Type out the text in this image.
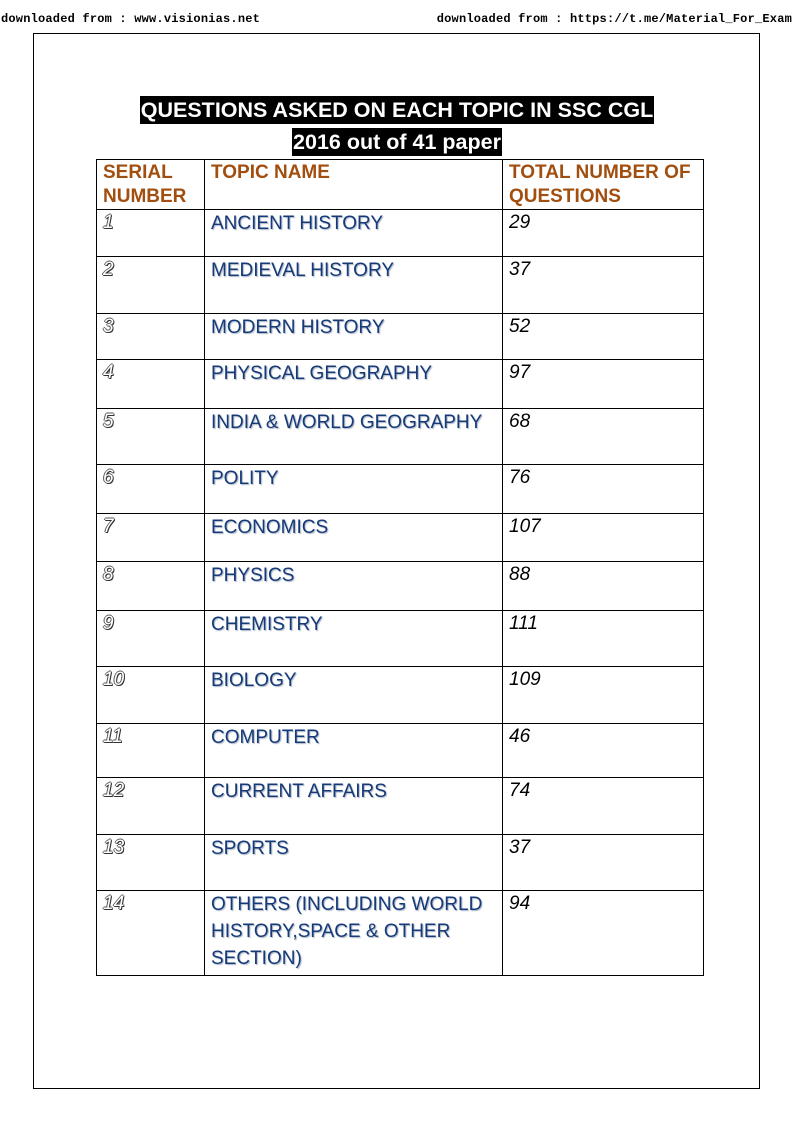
downloaded from : www.visionias.net	downloaded from : https://t.me/Material_For_Exam
QUESTIONS ASKED ON EACH TOPIC IN SSC CGL
2016 out of 41 paper
SERIAL NUMBER	TOPIC NAME	TOTAL NUMBER OF QUESTIONS
1	ANCIENT HISTORY	29
2	MEDIEVAL HISTORY	37
3	MODERN HISTORY	52
4	PHYSICAL GEOGRAPHY	97
5	INDIA & WORLD GEOGRAPHY	68
6	POLITY	76
7	ECONOMICS	107
8	PHYSICS	88
9	CHEMISTRY	111
10	BIOLOGY	109
11	COMPUTER	46
12	CURRENT AFFAIRS	74
13	SPORTS	37
14	OTHERS (INCLUDING WORLD HISTORY,SPACE & OTHER SECTION)	94
